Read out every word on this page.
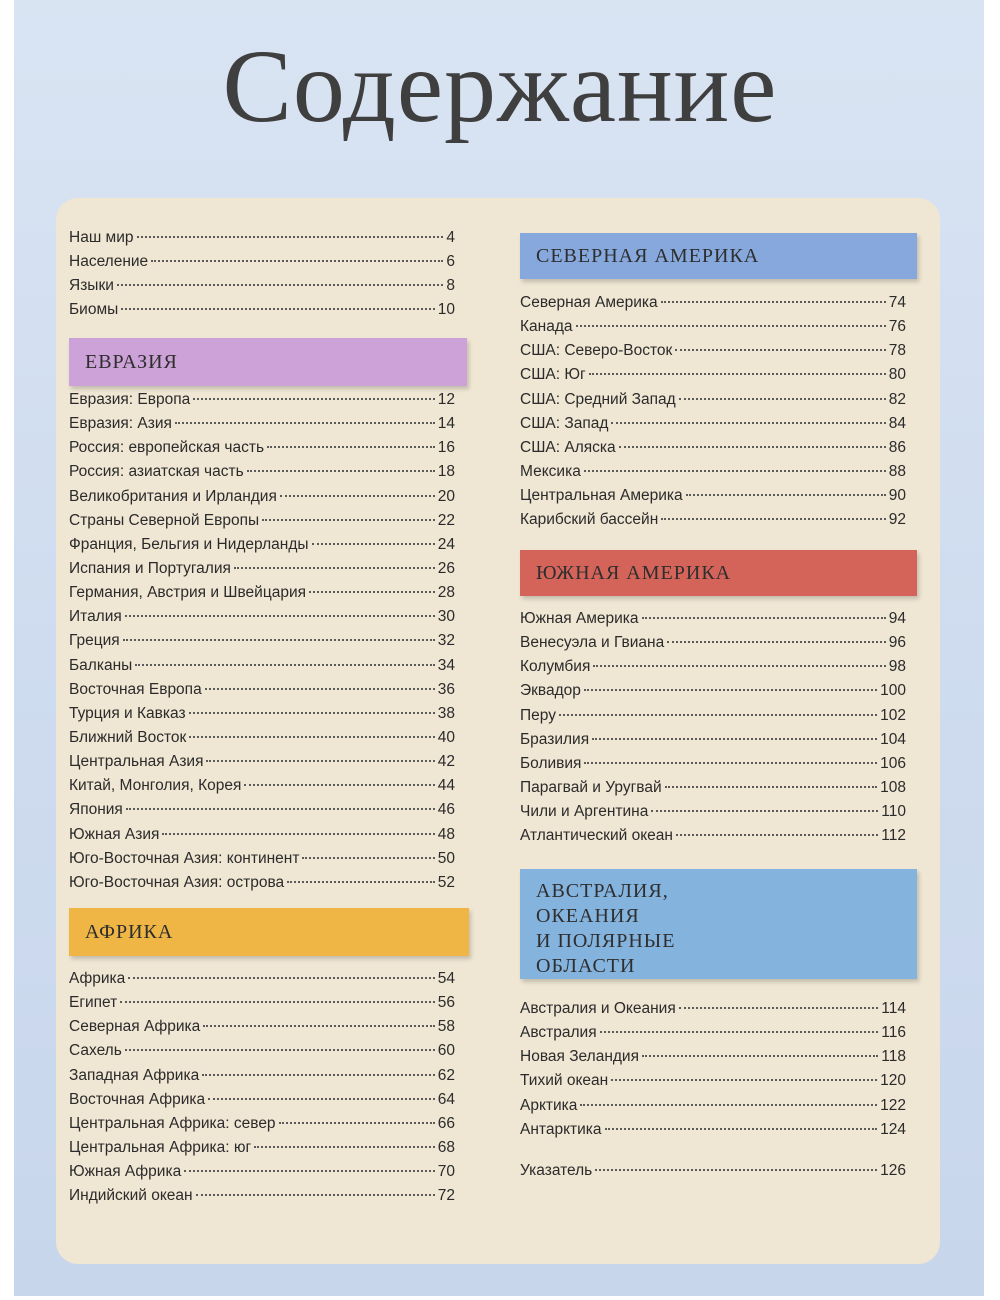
Содержание
Наш мир	4
Население	6
Языки	8
Биомы	10
ЕВРАЗИЯ
Евразия: Европа	12
Евразия: Азия	14
Россия: европейская часть	16
Россия: азиатская часть	18
Великобритания и Ирландия	20
Страны Северной Европы	22
Франция, Бельгия и Нидерланды	24
Испания и Португалия	26
Германия, Австрия и Швейцария	28
Италия	30
Греция	32
Балканы	34
Восточная Европа	36
Турция и Кавказ	38
Ближний Восток	40
Центральная Азия	42
Китай, Монголия, Корея	44
Япония	46
Южная Азия	48
Юго-Восточная Азия: континент	50
Юго-Восточная Азия: острова	52
АФРИКА
Африка	54
Египет	56
Северная Африка	58
Сахель	60
Западная Африка	62
Восточная Африка	64
Центральная Африка: север	66
Центральная Африка: юг	68
Южная Африка	70
Индийский океан	72
СЕВЕРНАЯ АМЕРИКА
Северная Америка	74
Канада	76
США: Северо-Восток	78
США: Юг	80
США: Средний Запад	82
США: Запад	84
США: Аляска	86
Мексика	88
Центральная Америка	90
Карибский бассейн	92
ЮЖНАЯ АМЕРИКА
Южная Америка	94
Венесуэла и Гвиана	96
Колумбия	98
Эквадор	100
Перу	102
Бразилия	104
Боливия	106
Парагвай и Уругвай	108
Чили и Аргентина	110
Атлантический океан	112
АВСТРАЛИЯ,
ОКЕАНИЯ
И ПОЛЯРНЫЕ
ОБЛАСТИ
Австралия и Океания	114
Австралия	116
Новая Зеландия	118
Тихий океан	120
Арктика	122
Антарктика	124
Указатель	126
